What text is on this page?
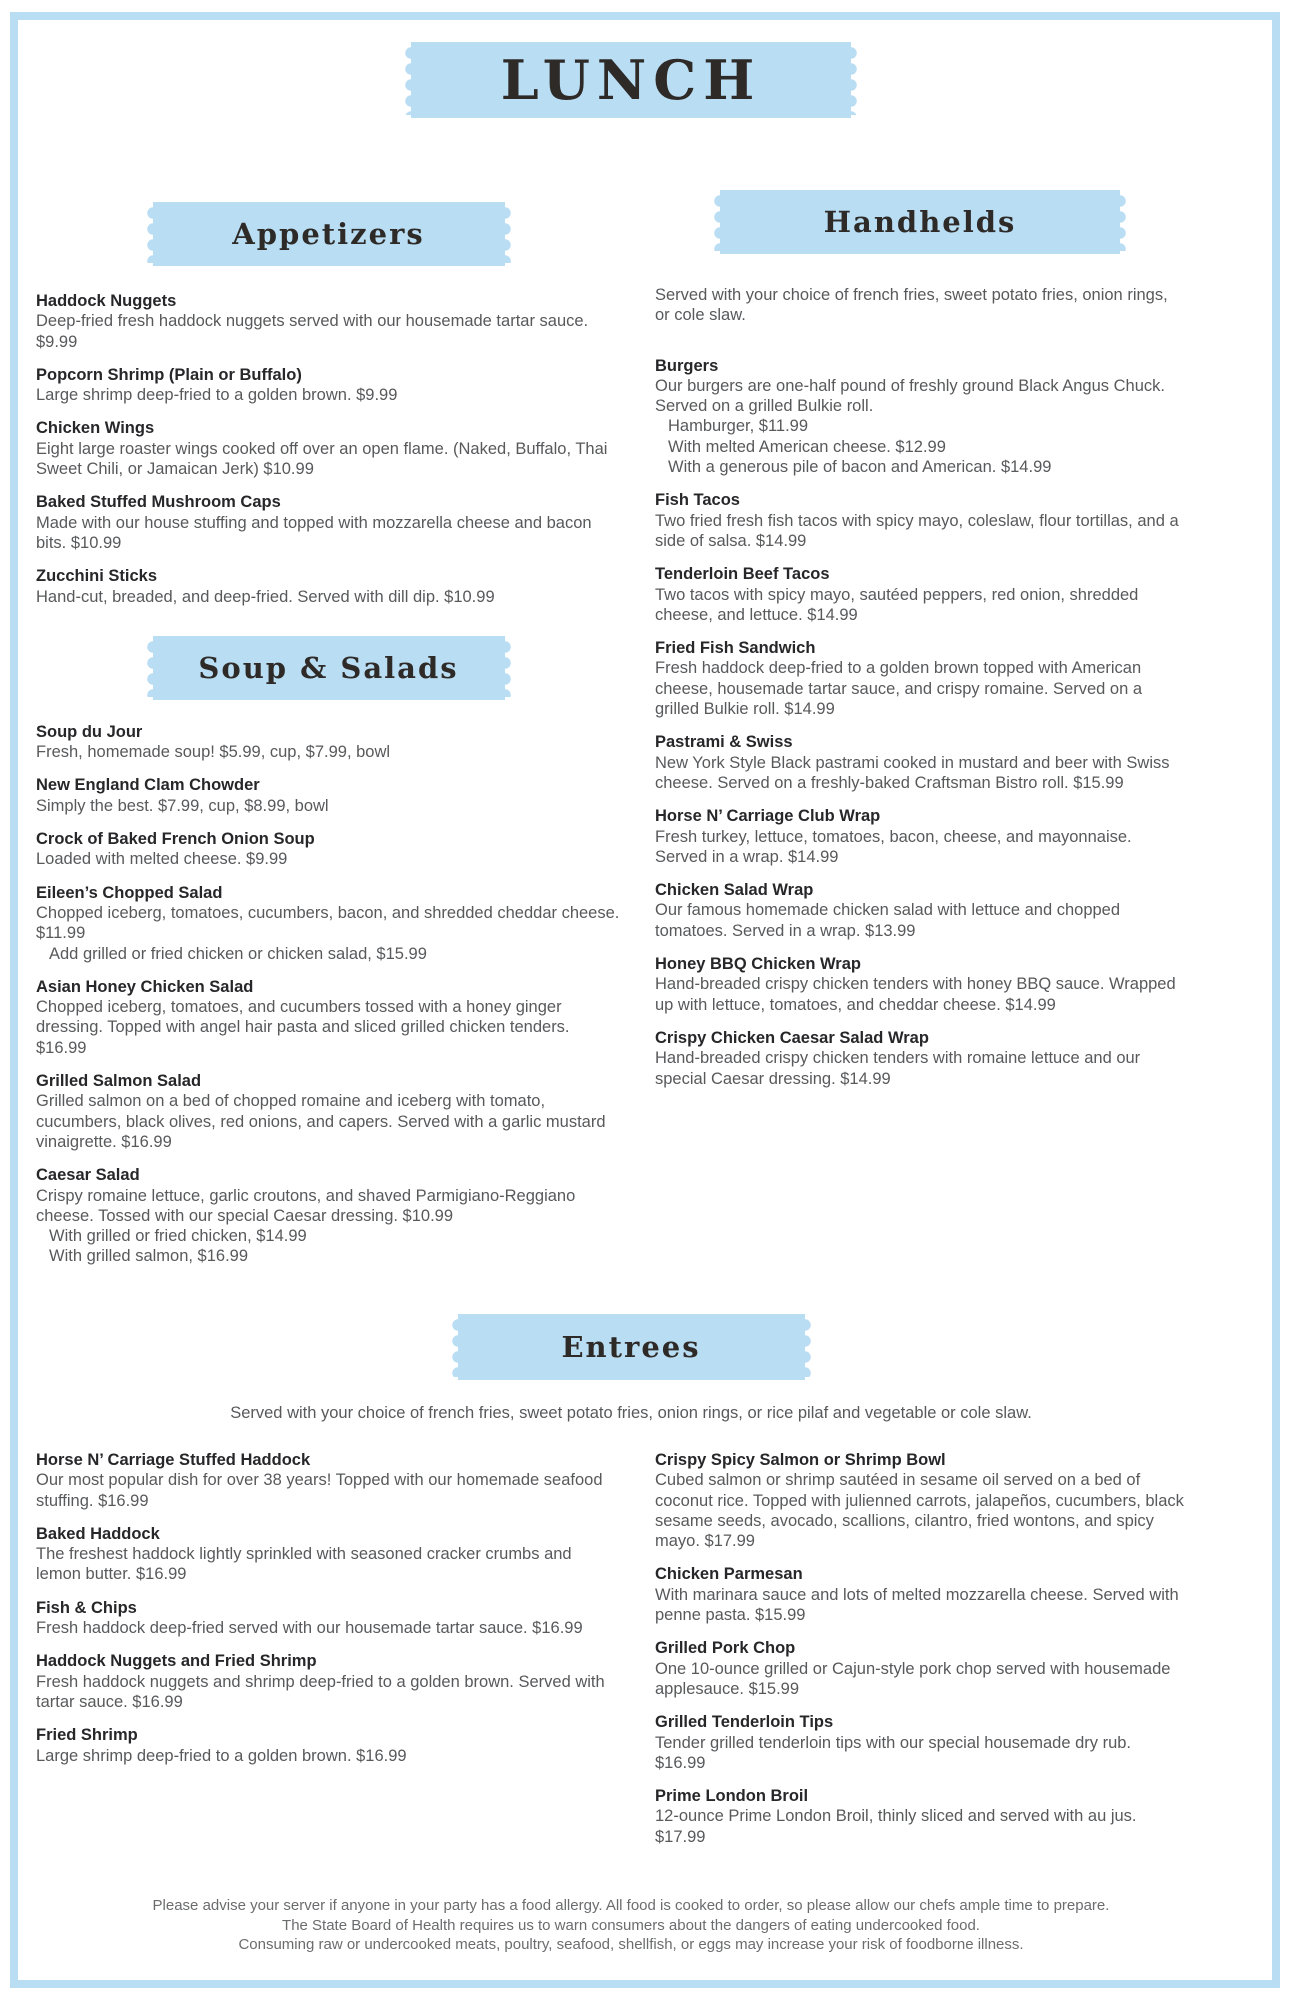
LUNCH
Appetizers
Haddock Nuggets
Deep-fried fresh haddock nuggets served with our housemade tartar sauce. $9.99
Popcorn Shrimp (Plain or Buffalo)
Large shrimp deep-fried to a golden brown. $9.99
Chicken Wings
Eight large roaster wings cooked off over an open flame. (Naked, Buffalo, Thai Sweet Chili, or Jamaican Jerk) $10.99
Baked Stuffed Mushroom Caps
Made with our house stuffing and topped with mozzarella cheese and bacon bits. $10.99
Zucchini Sticks
Hand-cut, breaded, and deep-fried. Served with dill dip. $10.99
Soup & Salads
Soup du Jour
Fresh, homemade soup! $5.99, cup, $7.99, bowl
New England Clam Chowder
Simply the best. $7.99, cup, $8.99, bowl
Crock of Baked French Onion Soup
Loaded with melted cheese. $9.99
Eileen’s Chopped Salad
Chopped iceberg, tomatoes, cucumbers, bacon, and shredded cheddar cheese. $11.99
Add grilled or fried chicken or chicken salad, $15.99
Asian Honey Chicken Salad
Chopped iceberg, tomatoes, and cucumbers tossed with a honey ginger dressing. Topped with angel hair pasta and sliced grilled chicken tenders. $16.99
Grilled Salmon Salad
Grilled salmon on a bed of chopped romaine and iceberg with tomato, cucumbers, black olives, red onions, and capers. Served with a garlic mustard vinaigrette. $16.99
Caesar Salad
Crispy romaine lettuce, garlic croutons, and shaved Parmigiano-Reggiano cheese. Tossed with our special Caesar dressing. $10.99
With grilled or fried chicken, $14.99
With grilled salmon, $16.99
Handhelds
Served with your choice of french fries, sweet potato fries, onion rings, or cole slaw.
Burgers
Our burgers are one-half pound of freshly ground Black Angus Chuck. Served on a grilled Bulkie roll.
Hamburger, $11.99
With melted American cheese. $12.99
With a generous pile of bacon and American. $14.99
Fish Tacos
Two fried fresh fish tacos with spicy mayo, coleslaw, flour tortillas, and a side of salsa. $14.99
Tenderloin Beef Tacos
Two tacos with spicy mayo, sautéed peppers, red onion, shredded cheese, and lettuce. $14.99
Fried Fish Sandwich
Fresh haddock deep-fried to a golden brown topped with American cheese, housemade tartar sauce, and crispy romaine. Served on a grilled Bulkie roll. $14.99
Pastrami & Swiss
New York Style Black pastrami cooked in mustard and beer with Swiss cheese. Served on a freshly-baked Craftsman Bistro roll. $15.99
Horse N’ Carriage Club Wrap
Fresh turkey, lettuce, tomatoes, bacon, cheese, and mayonnaise. Served in a wrap. $14.99
Chicken Salad Wrap
Our famous homemade chicken salad with lettuce and chopped tomatoes. Served in a wrap. $13.99
Honey BBQ Chicken Wrap
Hand-breaded crispy chicken tenders with honey BBQ sauce. Wrapped up with lettuce, tomatoes, and cheddar cheese. $14.99
Crispy Chicken Caesar Salad Wrap
Hand-breaded crispy chicken tenders with romaine lettuce and our special Caesar dressing. $14.99
Entrees
Served with your choice of french fries, sweet potato fries, onion rings, or rice pilaf and vegetable or cole slaw.
Horse N’ Carriage Stuffed Haddock
Our most popular dish for over 38 years! Topped with our homemade seafood stuffing. $16.99
Baked Haddock
The freshest haddock lightly sprinkled with seasoned cracker crumbs and lemon butter. $16.99
Fish & Chips
Fresh haddock deep-fried served with our housemade tartar sauce. $16.99
Haddock Nuggets and Fried Shrimp
Fresh haddock nuggets and shrimp deep-fried to a golden brown. Served with tartar sauce. $16.99
Fried Shrimp
Large shrimp deep-fried to a golden brown. $16.99
Crispy Spicy Salmon or Shrimp Bowl
Cubed salmon or shrimp sautéed in sesame oil served on a bed of coconut rice. Topped with julienned carrots, jalapeños, cucumbers, black sesame seeds, avocado, scallions, cilantro, fried wontons, and spicy mayo. $17.99
Chicken Parmesan
With marinara sauce and lots of melted mozzarella cheese. Served with penne pasta. $15.99
Grilled Pork Chop
One 10-ounce grilled or Cajun-style pork chop served with housemade applesauce. $15.99
Grilled Tenderloin Tips
Tender grilled tenderloin tips with our special housemade dry rub. $16.99
Prime London Broil
12-ounce Prime London Broil, thinly sliced and served with au jus. $17.99
Please advise your server if anyone in your party has a food allergy. All food is cooked to order, so please allow our chefs ample time to prepare.
The State Board of Health requires us to warn consumers about the dangers of eating undercooked food.
Consuming raw or undercooked meats, poultry, seafood, shellfish, or eggs may increase your risk of foodborne illness.
